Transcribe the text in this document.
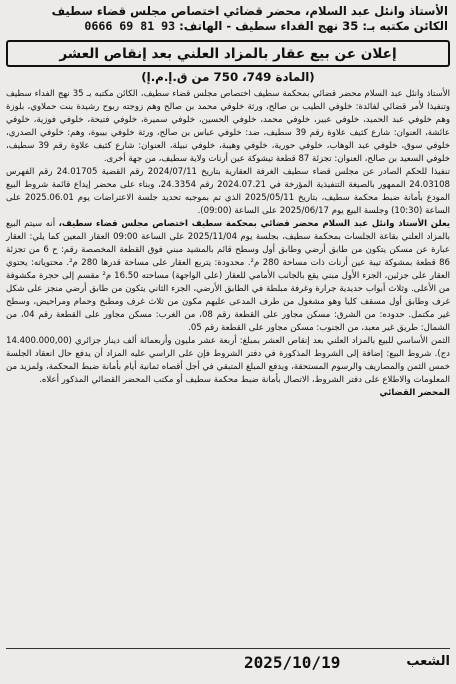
الأستاذ وانئل عبد السلام، محضر قضائي اختصاص مجلس قضاء سطيف
الكائن مكتبه بـ: 35 نهج الفداء سطيف - الهاتف: 0666 69 81 93
إعلان عن بيع عقار بالمزاد العلني بعد إنقاص العشر
(المادة 749، 750 من ق.إ.م.إ)

الأستاذ وانئل عبد السلام محضر قضائي بمحكمة سطيف اختصاص مجلس قضاء سطيف، الكائن مكتبه بـ 35 نهج الفداء سطيف وتنفيذا لأمر قضائي لفائدة: خلوفي الطيب بن صالح، ورثة خلوفي محمد بن صالح وهم زوجته ربوح رشيدة بنت حملاوي، بلوزة وهم خلوفي عبد الحميد، خلوفي عبير، خلوفي محمد، خلوفي الحسين، خلوفي سميرة، خلوفي فتيحة، خلوفي فوزية، خلوفي عائشة، العنوان: شارع كثيف علاوة رقم 39 سطيف، ضد: خلوفي عباس بن صالح، ورثة خلوفي بيبوة، وهم: خلوفي الصدري، خلوفي سوق، خلوفي عبد الوهاب، خلوفي حورية، خلوفي وهيبة، خلوفي نبيلة، العنوان: شارع كثيف علاوة رقم 39 سطيف، خلوفي السعيد بن صالح، العنوان: تجزئة 87 قطعة تيشوكة عين أرنات ولاية سطيف، من جهة أخرى.

تنفيذا للحكم الصادر عن مجلس قضاء سطيف الغرفة العقارية بتاريخ 2024/07/11 رقم القضية 24.01705 رقم الفهرس 24.03108 الممهور بالصيغة التنفيذية المؤرخة في 2024.07.21 رقم 24.3354، وبناء على محضر إيداع قائمة شروط البيع المودع بأمانة ضبط محكمة سطيف، بتاريخ 2025/05/11 الذي تم بموجبه تحديد جلسة الاعتراضات يوم 2025.06.01 على الساعة (10:30) وجلسة البيع يوم 2025/06/17 على الساعة (09:00).

يعلن الأستاذ وانئل عبد السلام محضر قضائي بمحكمة سطيف اختصاص مجلس قضاء سطيف، أنه سيتم البيع بالمزاد العلني بقاعة الجلسات بمحكمة سطيف، بجلسة يوم 2025/11/04 على الساعة 09:00 العقار المعين كما يلي: العقار عبارة عن مسكن يتكون من طابق أرضي وطابق أول وسطح قائم بالمشيد مبني فوق القطعة المخصصة رقم: ح 6 من تجزئة 86 قطعة بمشوكة تيبة عين أرنات ذات مساحة 280 م². محدودة: يتربع العقار على مساحة قدرها 280 م². محتوياته: يحتوي العقار على جزئين، الجزء الأول مبني يقع بالجانب الأمامي للعقار (على الواجهة) مساحته 16.50 م² مقسم إلى حجرة مكشوفة من الأعلى. وثلاث أبواب حديدية جرارة وغرفة مبلطة في الطابق الأرضي، الجزء الثاني يتكون من طابق أرضي منجز على شكل غرف وطابق أول مسقف كليا وهو مشغول من طرف المدعى عليهم مكون من ثلاث غرف ومطبخ وحمام ومراحيض، وسطح غير مكتمل. حدوده: من الشرق: مسكن مجاور على القطعة رقم 08، من الغرب: مسكن مجاور على القطعة رقم 04، من الشمال: طريق غير معبد، من الجنوب: مسكن مجاور على القطعة رقم 05.

الثمن الأساسي للبيع بالمزاد العلني بعد إنقاص العشر بمبلغ: أربعة عشر مليون وأربعمائة ألف دينار جزائري (14.400.000,00 دج). شروط البيع: إضافة إلى الشروط المذكورة في دفتر الشروط فإن على الراسي عليه المزاد أن يدفع حال انعقاد الجلسة خمس الثمن والمصاريف والرسوم المستحقة، ويدفع المبلغ المتبقي في أجل أقصاه ثمانية أيام بأمانة ضبط المحكمة، ولمزيد من المعلومات والاطلاع على دفتر الشروط، الاتصال بأمانة ضبط محكمة سطيف أو مكتب المحضر القضائي المذكور أعلاه.

المحضر القضائي

الشعب
2025/10/19
